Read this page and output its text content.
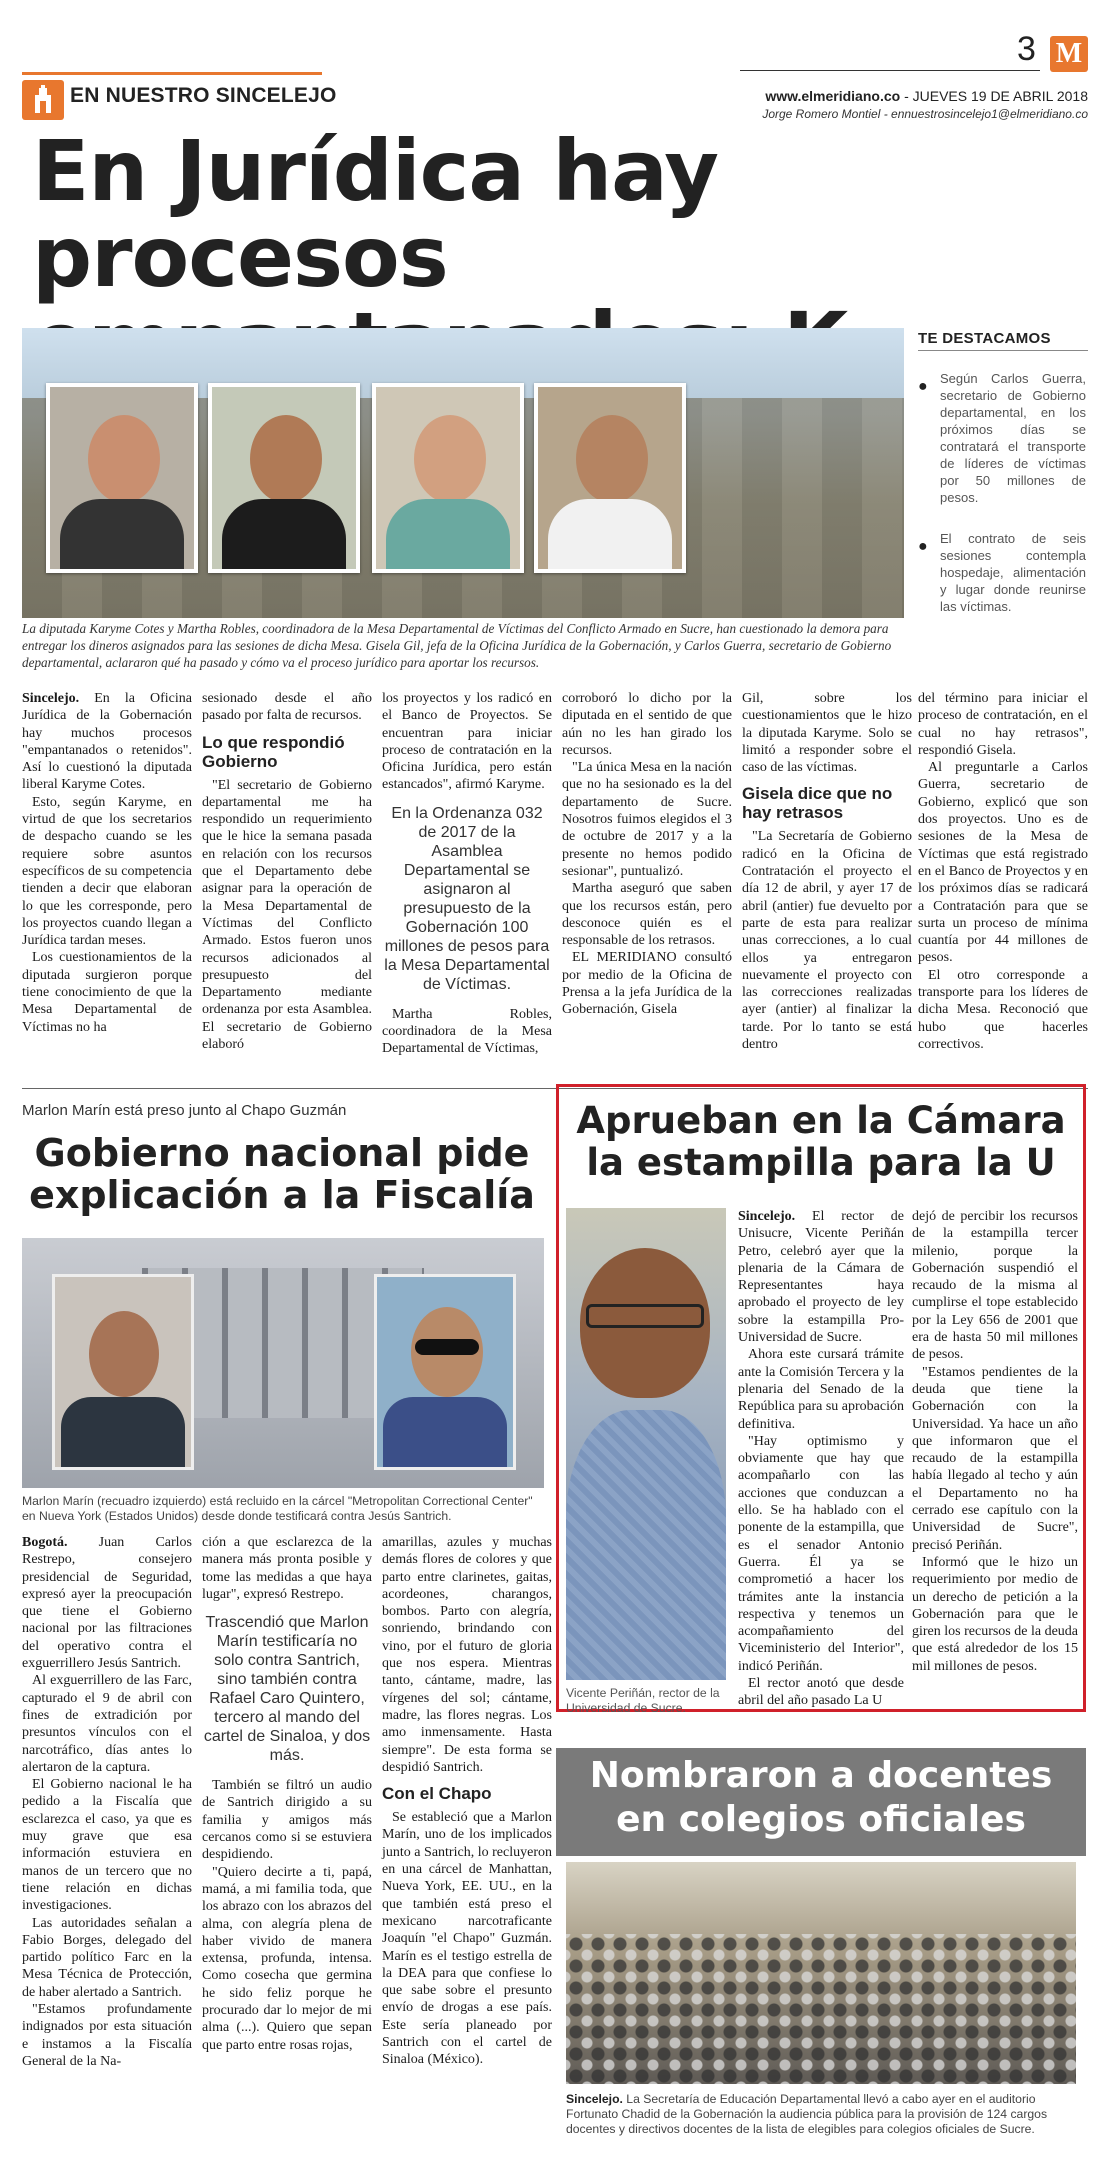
EN NUESTRO SINCELEJO
3 M
www.elmeridiano.co - JUEVES 19 DE ABRIL 2018
Jorge Romero Montiel - ennuestrosincelejo1@elmeridiano.co
En Jurídica hay procesos
La diputada Karyme Cotes y Martha Robles, coordinadora de la Mesa Departamental de Víctimas del Conflicto Armado en Sucre, han cuestionado la demora para entregar los dineros asignados para las sesiones de dicha Mesa. Gisela Gil, jefa de la Oficina Jurídica de la Gobernación, y Carlos Guerra, secretario de Gobierno departamental, aclararon qué ha pasado y cómo va el proceso jurídico para aportar los recursos.
TE DESTACAMOS
● Según Carlos Guerra, secretario de Gobierno departamental, en los próximos días se contratará el transporte de líderes de víctimas por 50 millones de pesos.
● El contrato de seis sesiones contempla hospedaje, alimentación y lugar donde reunirse las víctimas.

Sincelejo. En la Oficina Jurídica de la Gobernación hay muchos procesos "empantanados o retenidos". Así lo cuestionó la diputada liberal Karyme Cotes.

Esto, según Karyme, en virtud de que los secretarios de despacho cuando se les requiere sobre asuntos específicos de su competencia tienden a decir que elaboran lo que les corresponde, pero los proyectos cuando llegan a Jurídica tardan meses.

Los cuestionamientos de la diputada surgieron porque tiene conocimiento de que la Mesa Departamental de Víctimas no ha

sesionado desde el año pasado por falta de recursos.

Lo que respondió Gobierno

"El secretario de Gobierno departamental me ha respondido un requerimiento que le hice la semana pasada en relación con los recursos que el Departamento debe asignar para la operación de la Mesa Departamental de Víctimas del Conflicto Armado. Estos fueron unos recursos adicionados al presupuesto del Departamento mediante ordenanza por esta Asamblea. El secretario de Gobierno elaboró

los proyectos y los radicó en el Banco de Proyectos. Se encuentran para iniciar proceso de contratación en la Oficina Jurídica, pero están estancados", afirmó Karyme.

En la Ordenanza 032 de 2017 de la Asamblea Departamental se asignaron al presupuesto de la Gobernación 100 millones de pesos para la Mesa Departamental de Víctimas.

Martha Robles, coordinadora de la Mesa Departamental de Víctimas,

corroboró lo dicho por la diputada en el sentido de que aún no les han girado los recursos.

"La única Mesa en la nación que no ha sesionado es la del departamento de Sucre. Nosotros fuimos elegidos el 3 de octubre de 2017 y a la presente no hemos podido sesionar", puntualizó.

Martha aseguró que saben que los recursos están, pero desconoce quién es el responsable de los retrasos.

EL MERIDIANO consultó por medio de la Oficina de Prensa a la jefa Jurídica de la Gobernación, Gisela

Gil, sobre los cuestionamientos que le hizo la diputada Karyme. Solo se limitó a responder sobre el caso de las víctimas.

Gisela dice que no hay retrasos

"La Secretaría de Gobierno radicó en la Oficina de Contratación el proyecto el día 12 de abril, y ayer 17 de abril (antier) fue devuelto por parte de esta para realizar unas correcciones, a lo cual ellos ya entregaron nuevamente el proyecto con las correcciones realizadas ayer (antier) al finalizar la tarde. Por lo tanto se está dentro

del término para iniciar el proceso de contratación, en el cual no hay retrasos", respondió Gisela.

Al preguntarle a Carlos Guerra, secretario de Gobierno, explicó que son dos proyectos. Uno es de sesiones de la Mesa de Víctimas que está registrado en el Banco de Proyectos y en los próximos días se radicará a Contratación para que se surta un proceso de mínima cuantía por 44 millones de pesos.

El otro corresponde a transporte para los líderes de dicha Mesa. Reconoció que hubo que hacerles correctivos.

Marlon Marín está preso junto al Chapo Guzmán
Gobierno nacional pide explicación a la Fiscalía
Marlon Marín (recuadro izquierdo) está recluido en la cárcel "Metropolitan Correctional Center" en Nueva York (Estados Unidos) desde donde testificará contra Jesús Santrich.

Bogotá. Juan Carlos Restrepo, consejero presidencial de Seguridad, expresó ayer la preocupación que tiene el Gobierno nacional por las filtraciones del operativo contra el exguerrillero Jesús Santrich.

Al exguerrillero de las Farc, capturado el 9 de abril con fines de extradición por presuntos vínculos con el narcotráfico, días antes lo alertaron de la captura.

El Gobierno nacional le ha pedido a la Fiscalía que esclarezca el caso, ya que es muy grave que esa información estuviera en manos de un tercero que no tiene relación en dichas investigaciones.

Las autoridades señalan a Fabio Borges, delegado del partido político Farc en la Mesa Técnica de Protección, de haber alertado a Santrich.

"Estamos profundamente indignados por esta situación e instamos a la Fiscalía General de la Na-

ción a que esclarezca de la manera más pronta posible y tome las medidas a que haya lugar", expresó Restrepo.

Trascendió que Marlon Marín testificaría no solo contra Santrich, sino también contra Rafael Caro Quintero, tercero al mando del cartel de Sinaloa, y dos más.

También se filtró un audio de Santrich dirigido a su familia y amigos más cercanos como si se estuviera despidiendo.

"Quiero decirte a ti, papá, mamá, a mi familia toda, que los abrazo con los abrazos del alma, con alegría plena de haber vivido de manera extensa, profunda, intensa. Como cosecha que germina he sido feliz porque he procurado dar lo mejor de mi alma (...). Quiero que sepan que parto entre rosas rojas,

amarillas, azules y muchas demás flores de colores y que parto entre clarinetes, gaitas, acordeones, charangos, bombos. Parto con alegría, sonriendo, brindando con vino, por el futuro de gloria que nos espera. Mientras tanto, cántame, madre, las vírgenes del sol; cántame, madre, las flores negras. Los amo inmensamente. Hasta siempre". De esta forma se despidió Santrich.

Con el Chapo

Se estableció que a Marlon Marín, uno de los implicados junto a Santrich, lo recluyeron en una cárcel de Manhattan, Nueva York, EE. UU., en la que también está preso el mexicano narcotraficante Joaquín "el Chapo" Guzmán. Marín es el testigo estrella de la DEA para que confiese lo que sabe sobre el presunto envío de drogas a ese país. Este sería planeado por Santrich con el cartel de Sinaloa (México).

Aprueban en la Cámara la estampilla para la U
Vicente Periñán, rector de la Universidad de Sucre.

Sincelejo. El rector de Unisucre, Vicente Periñán Petro, celebró ayer que la plenaria de la Cámara de Representantes haya aprobado el proyecto de ley sobre la estampilla Pro-Universidad de Sucre.

Ahora este cursará trámite ante la Comisión Tercera y la plenaria del Senado de la República para su aprobación definitiva.

"Hay optimismo y obviamente que hay que acompañarlo con las acciones que conduzcan a ello. Se ha hablado con el ponente de la estampilla, que es el senador Antonio Guerra. Él ya se comprometió a hacer los trámites ante la instancia respectiva y tenemos un acompañamiento del Viceministerio del Interior", indicó Periñán.

El rector anotó que desde abril del año pasado La U

dejó de percibir los recursos de la estampilla tercer milenio, porque la Gobernación suspendió el recaudo de la misma al cumplirse el tope establecido por la Ley 656 de 2001 que era de hasta 50 mil millones de pesos.

"Estamos pendientes de la deuda que tiene la Gobernación con la Universidad. Ya hace un año que informaron que el recaudo de la estampilla había llegado al techo y aún el Departamento no ha cerrado ese capítulo con la Universidad de Sucre", precisó Periñán.

Informó que le hizo un requerimiento por medio de un derecho de petición a la Gobernación para que le giren los recursos de la deuda que está alrededor de los 15 mil millones de pesos.

Nombraron a docentes en colegios oficiales
Sincelejo. La Secretaría de Educación Departamental llevó a cabo ayer en el auditorio Fortunato Chadid de la Gobernación la audiencia pública para la provisión de 124 cargos docentes y directivos docentes de la lista de elegibles para colegios oficiales de Sucre.
